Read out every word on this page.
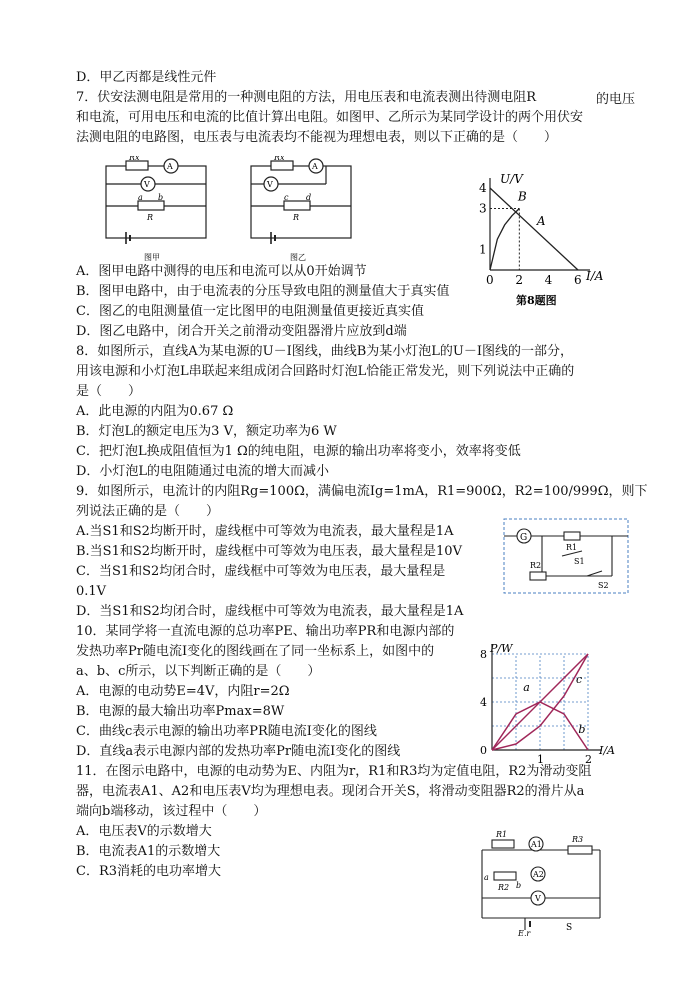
D．甲乙丙都是线性元件
7．伏安法测电阻是常用的一种测电阻的方法，用电压表和电流表测出待测电阻R
和电流，可用电压和电流的比值计算出电阻。如图甲、乙所示为某同学设计的两个用伏安
法测电阻的电路图，电压表与电流表均不能视为理想电表，则以下正确的是（　　）
A．图甲电路中测得的电压和电流可以从0开始调节
B．图甲电路中，由于电流表的分压导致电阻的测量值大于真实值
C．图乙的电阻测量值一定比图甲的电阻测量值更接近真实值
D．图乙电路中，闭合开关之前滑动变阻器滑片应放到d端
8．如图所示，直线A为某电源的U－I图线，曲线B为某小灯泡L的U－I图线的一部分，
用该电源和小灯泡L串联起来组成闭合回路时灯泡L恰能正常发光，则下列说法中正确的
是（　　）
A．此电源的内阻为0.67 Ω
B．灯泡L的额定电压为3 V，额定功率为6 W
C．把灯泡L换成阻值恒为1 Ω的纯电阻，电源的输出功率将变小，效率将变低
D．小灯泡L的电阻随通过电流的增大而减小
9．如图所示，电流计的内阻Rg=100Ω，满偏电流Ig=1mA，R1=900Ω，R2=100/999Ω，则下
列说法正确的是（　　）
A.当S1和S2均断开时，虚线框中可等效为电流表，最大量程是1A
B.当S1和S2均断开时，虚线框中可等效为电压表，最大量程是10V
C．当S1和S2均闭合时，虚线框中可等效为电压表，最大量程是
0.1V
D．当S1和S2均闭合时，虚线框中可等效为电流表，最大量程是1A
10．某同学将一直流电源的总功率PE、输出功率PR和电源内部的
发热功率Pr随电流I变化的图线画在了同一坐标系上，如图中的
a、b、c所示，以下判断正确的是（　　）
A．电源的电动势E=4V，内阻r=2Ω
B．电源的最大输出功率Pmax=8W
C．曲线c表示电源的输出功率PR随电流I变化的图线
D．直线a表示电源内部的发热功率Pr随电流I变化的图线
11．在图示电路中，电源的电动势为E、内阻为r，R1和R3均为定值电阻，R2为滑动变阻
器，电流表A1、A2和电压表V均为理想电表。现闭合开关S，将滑动变阻器R2的滑片从a
端向b端移动，该过程中（　　）
A．电压表V的示数增大
B．电流表A1的示数增大
C．R3消耗的电功率增大
的电压
Rx
A
V
a b
R
图甲
Rx
A
V
c d
R
图乙
U/V
I/A
第8题图
4
3
1
0 2 4 6
A
B
G
R1
S1
R2
S2
P/W
I/A
8
4
0
1	2
a
b
c
R1
A1
R3
a
b
R2
A2
V
E,r
S
